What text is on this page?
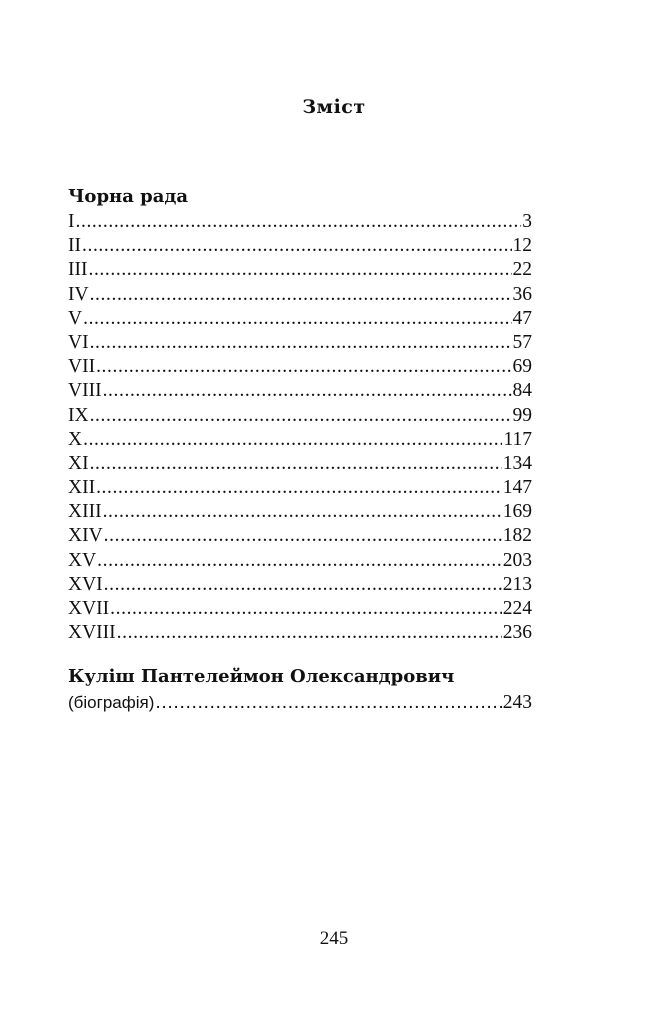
Зміст
Чорна рада
I .....	3
II .....	12
III .....	22
IV .....	36
V .....	47
VI .....	57
VII .....	69
VIII .....	84
IX .....	99
X .....	117
XI .....	134
XII .....	147
XIII .....	169
XIV .....	182
XV .....	203
XVI .....	213
XVII .....	224
XVIII .....	236
Куліш Пантелеймон Олександрович
(біографія) .....	243
245
